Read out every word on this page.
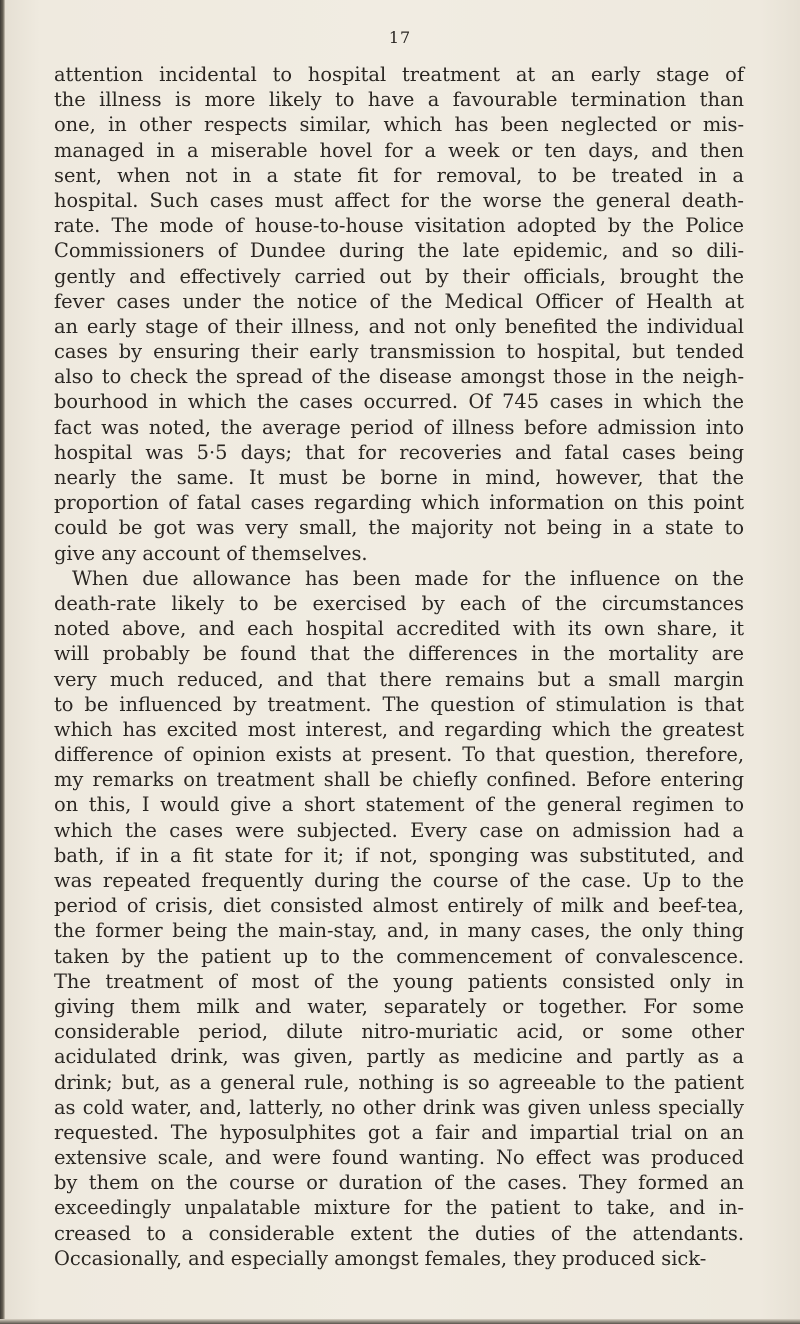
17
attention incidental to hospital treatment at an early stage of
the illness is more likely to have a favourable termination than
one, in other respects similar, which has been neglected or mis-
managed in a miserable hovel for a week or ten days, and then
sent, when not in a state fit for removal, to be treated in a
hospital. Such cases must affect for the worse the general death-
rate. The mode of house-to-house visitation adopted by the Police
Commissioners of Dundee during the late epidemic, and so dili-
gently and effectively carried out by their officials, brought the
fever cases under the notice of the Medical Officer of Health at
an early stage of their illness, and not only benefited the individual
cases by ensuring their early transmission to hospital, but tended
also to check the spread of the disease amongst those in the neigh-
bourhood in which the cases occurred. Of 745 cases in which the
fact was noted, the average period of illness before admission into
hospital was 5·5 days; that for recoveries and fatal cases being
nearly the same. It must be borne in mind, however, that the
proportion of fatal cases regarding which information on this point
could be got was very small, the majority not being in a state to
give any account of themselves.
When due allowance has been made for the influence on the
death-rate likely to be exercised by each of the circumstances
noted above, and each hospital accredited with its own share, it
will probably be found that the differences in the mortality are
very much reduced, and that there remains but a small margin
to be influenced by treatment. The question of stimulation is that
which has excited most interest, and regarding which the greatest
difference of opinion exists at present. To that question, therefore,
my remarks on treatment shall be chiefly confined. Before entering
on this, I would give a short statement of the general regimen to
which the cases were subjected. Every case on admission had a
bath, if in a fit state for it; if not, sponging was substituted, and
was repeated frequently during the course of the case. Up to the
period of crisis, diet consisted almost entirely of milk and beef-tea,
the former being the main-stay, and, in many cases, the only thing
taken by the patient up to the commencement of convalescence.
The treatment of most of the young patients consisted only in
giving them milk and water, separately or together. For some
considerable period, dilute nitro-muriatic acid, or some other
acidulated drink, was given, partly as medicine and partly as a
drink; but, as a general rule, nothing is so agreeable to the patient
as cold water, and, latterly, no other drink was given unless specially
requested. The hyposulphites got a fair and impartial trial on an
extensive scale, and were found wanting. No effect was produced
by them on the course or duration of the cases. They formed an
exceedingly unpalatable mixture for the patient to take, and in-
creased to a considerable extent the duties of the attendants.
Occasionally, and especially amongst females, they produced sick-
